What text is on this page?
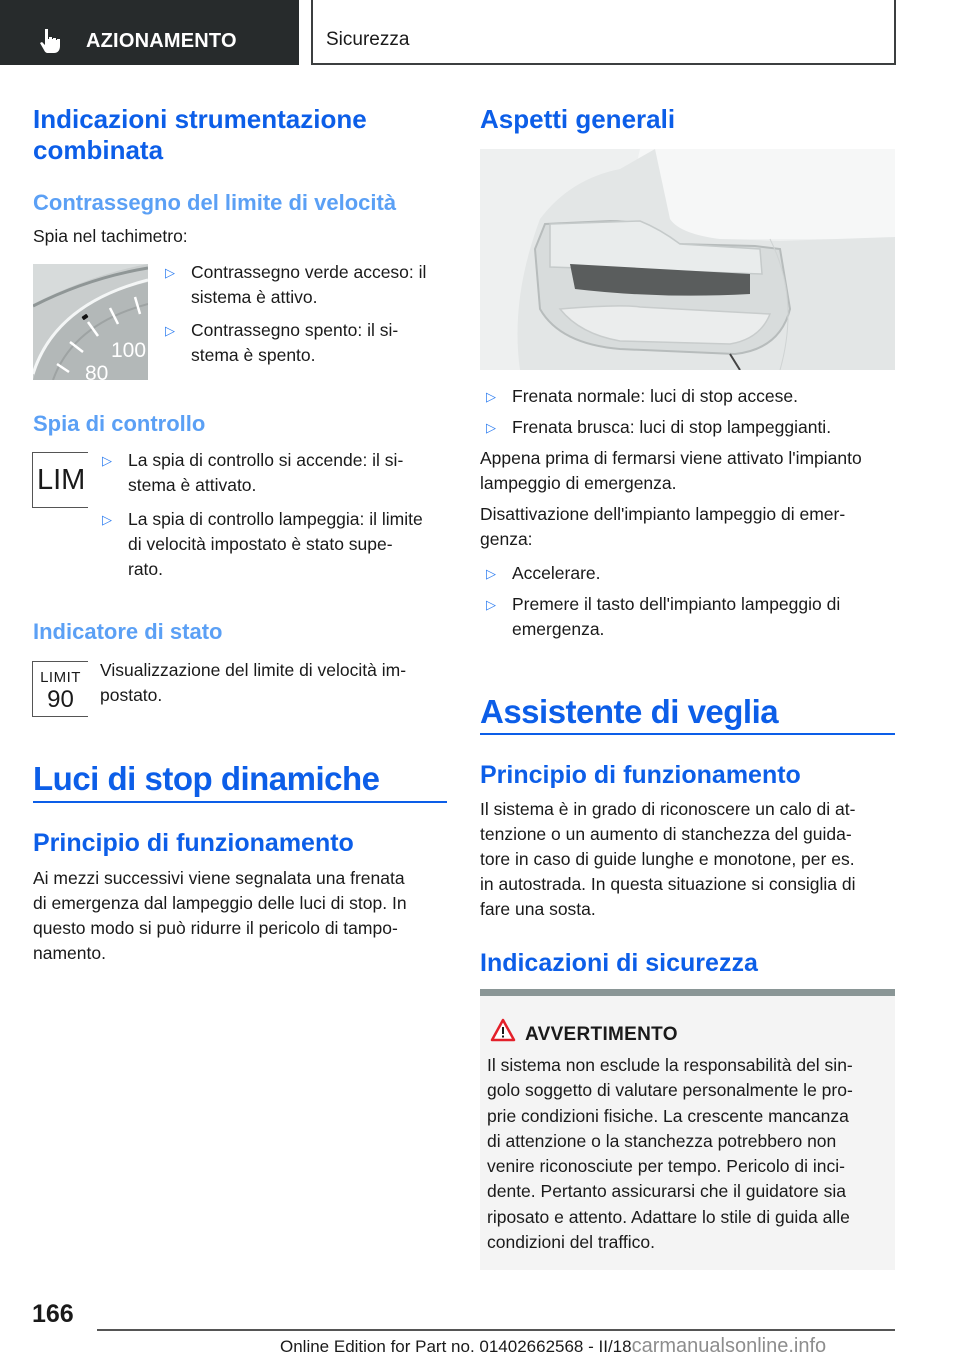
AZIONAMENTO	Sicurezza
Indicazioni strumentazione
combinata
Contrassegno del limite di velocità
Spia nel tachimetro:
100
80
▷ Contrassegno verde acceso: il
sistema è attivo.
▷ Contrassegno spento: il si-
stema è spento.
Spia di controllo
LIM
▷ La spia di controllo si accende: il si-
stema è attivato.
▷ La spia di controllo lampeggia: il limite
di velocità impostato è stato supe-
rato.
Indicatore di stato
LIMIT
90
Visualizzazione del limite di velocità im-
postato.
Luci di stop dinamiche
Principio di funzionamento
Ai mezzi successivi viene segnalata una frenata
di emergenza dal lampeggio delle luci di stop. In
questo modo si può ridurre il pericolo di tampo-
namento.
Aspetti generali
▷ Frenata normale: luci di stop accese.
▷ Frenata brusca: luci di stop lampeggianti.
Appena prima di fermarsi viene attivato l'impianto
lampeggio di emergenza.
Disattivazione dell'impianto lampeggio di emer-
genza:
▷ Accelerare.
▷ Premere il tasto dell'impianto lampeggio di
emergenza.
Assistente di veglia
Principio di funzionamento
Il sistema è in grado di riconoscere un calo di at-
tenzione o un aumento di stanchezza del guida-
tore in caso di guide lunghe e monotone, per es.
in autostrada. In questa situazione si consiglia di
fare una sosta.
Indicazioni di sicurezza
AVVERTIMENTO
Il sistema non esclude la responsabilità del sin-
golo soggetto di valutare personalmente le pro-
prie condizioni fisiche. La crescente mancanza
di attenzione o la stanchezza potrebbero non
venire riconosciute per tempo. Pericolo di inci-
dente. Pertanto assicurarsi che il guidatore sia
riposato e attento. Adattare lo stile di guida alle
condizioni del traffico.
166
Online Edition for Part no. 01402662568 - II/18carmanualsonline.info
